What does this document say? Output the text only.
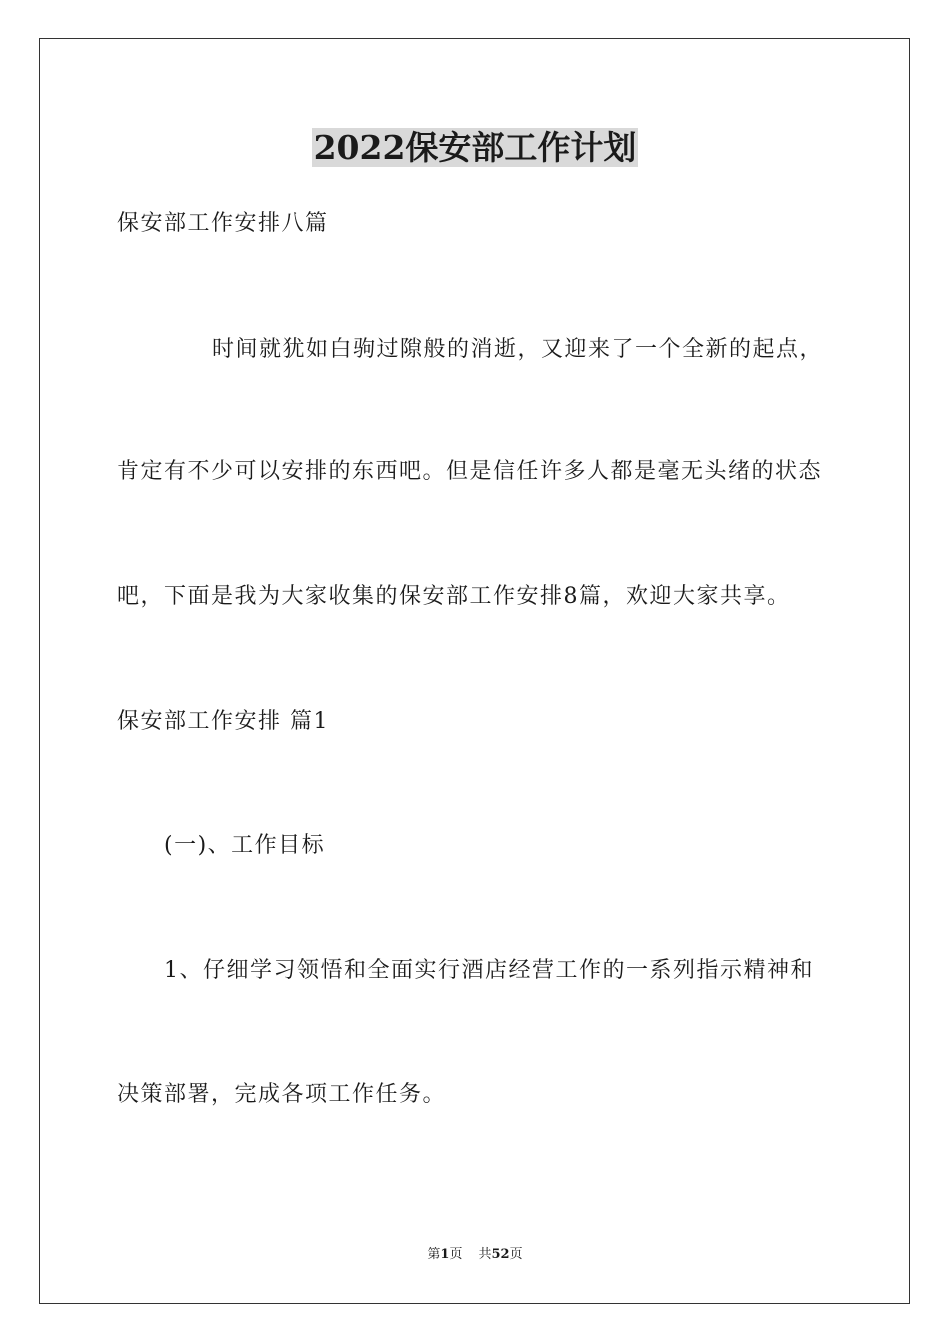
2022保安部工作计划
保安部工作安排八篇
时间就犹如白驹过隙般的消逝，又迎来了一个全新的起点，
肯定有不少可以安排的东西吧。但是信任许多人都是毫无头绪的状态
吧，下面是我为大家收集的保安部工作安排8篇，欢迎大家共享。
保安部工作安排 篇1
(一)、工作目标
1、仔细学习领悟和全面实行酒店经营工作的一系列指示精神和
决策部署，完成各项工作任务。
第1页 共52页
